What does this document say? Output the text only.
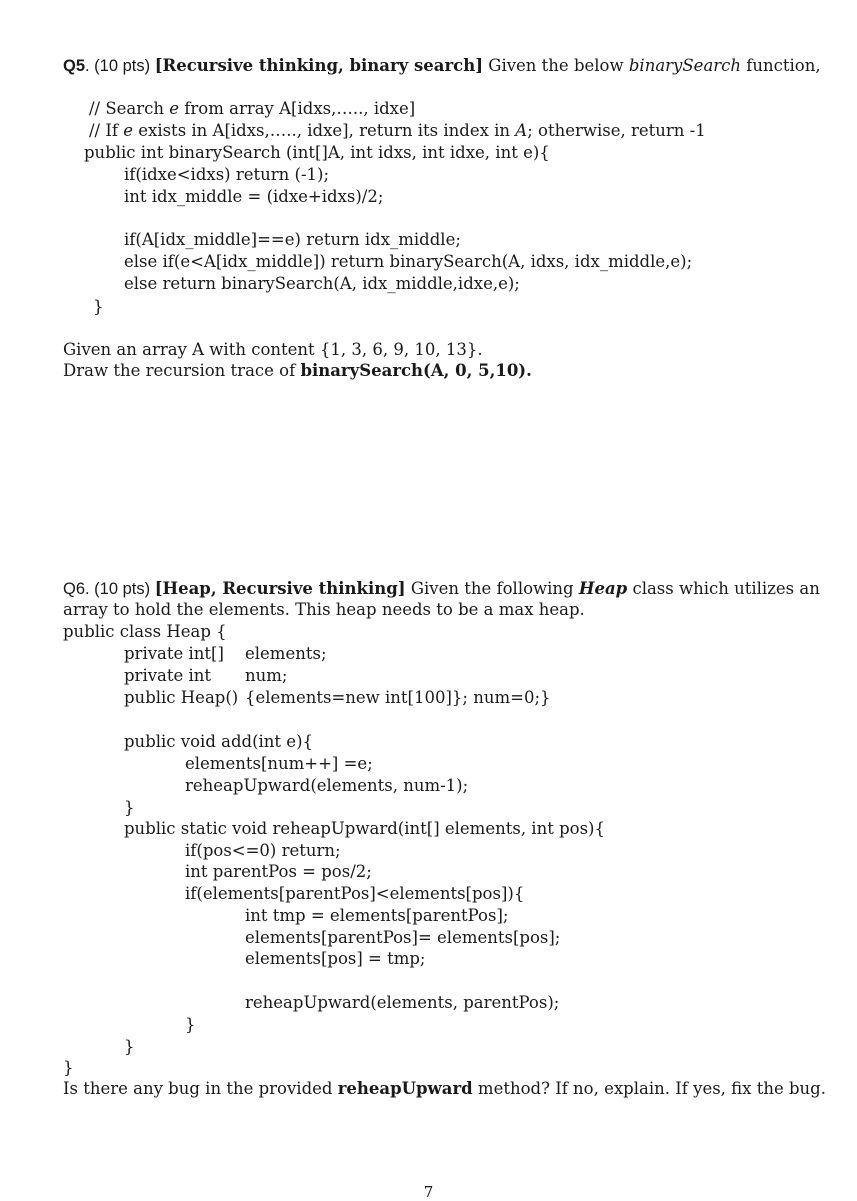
Q5. (10 pts) [Recursive thinking, binary search] Given the below binarySearch function,
// Search e from array A[idxs,….., idxe]
// If e exists in A[idxs,….., idxe], return its index in A; otherwise, return -1
public int binarySearch (int[]A, int idxs, int idxe, int e){
if(idxe<idxs) return (-1);
int idx_middle = (idxe+idxs)/2;
if(A[idx_middle]==e) return idx_middle;
else if(e<A[idx_middle]) return binarySearch(A, idxs, idx_middle,e);
else return binarySearch(A, idx_middle,idxe,e);
}
Given an array A with content {1, 3, 6, 9, 10, 13}.
Draw the recursion trace of binarySearch(A, 0, 5,10).
Q6. (10 pts) [Heap, Recursive thinking] Given the following Heap class which utilizes an
array to hold the elements. This heap needs to be a max heap.
public class Heap {
private int[] elements;
private int num;
public Heap() {elements=new int[100]}; num=0;}
public void add(int e){
elements[num++] =e;
reheapUpward(elements, num-1);
}
public static void reheapUpward(int[] elements, int pos){
if(pos<=0) return;
int parentPos = pos/2;
if(elements[parentPos]<elements[pos]){
int tmp = elements[parentPos];
elements[parentPos]= elements[pos];
elements[pos] = tmp;
reheapUpward(elements, parentPos);
}
}
}
Is there any bug in the provided reheapUpward method? If no, explain. If yes, fix the bug.
7
